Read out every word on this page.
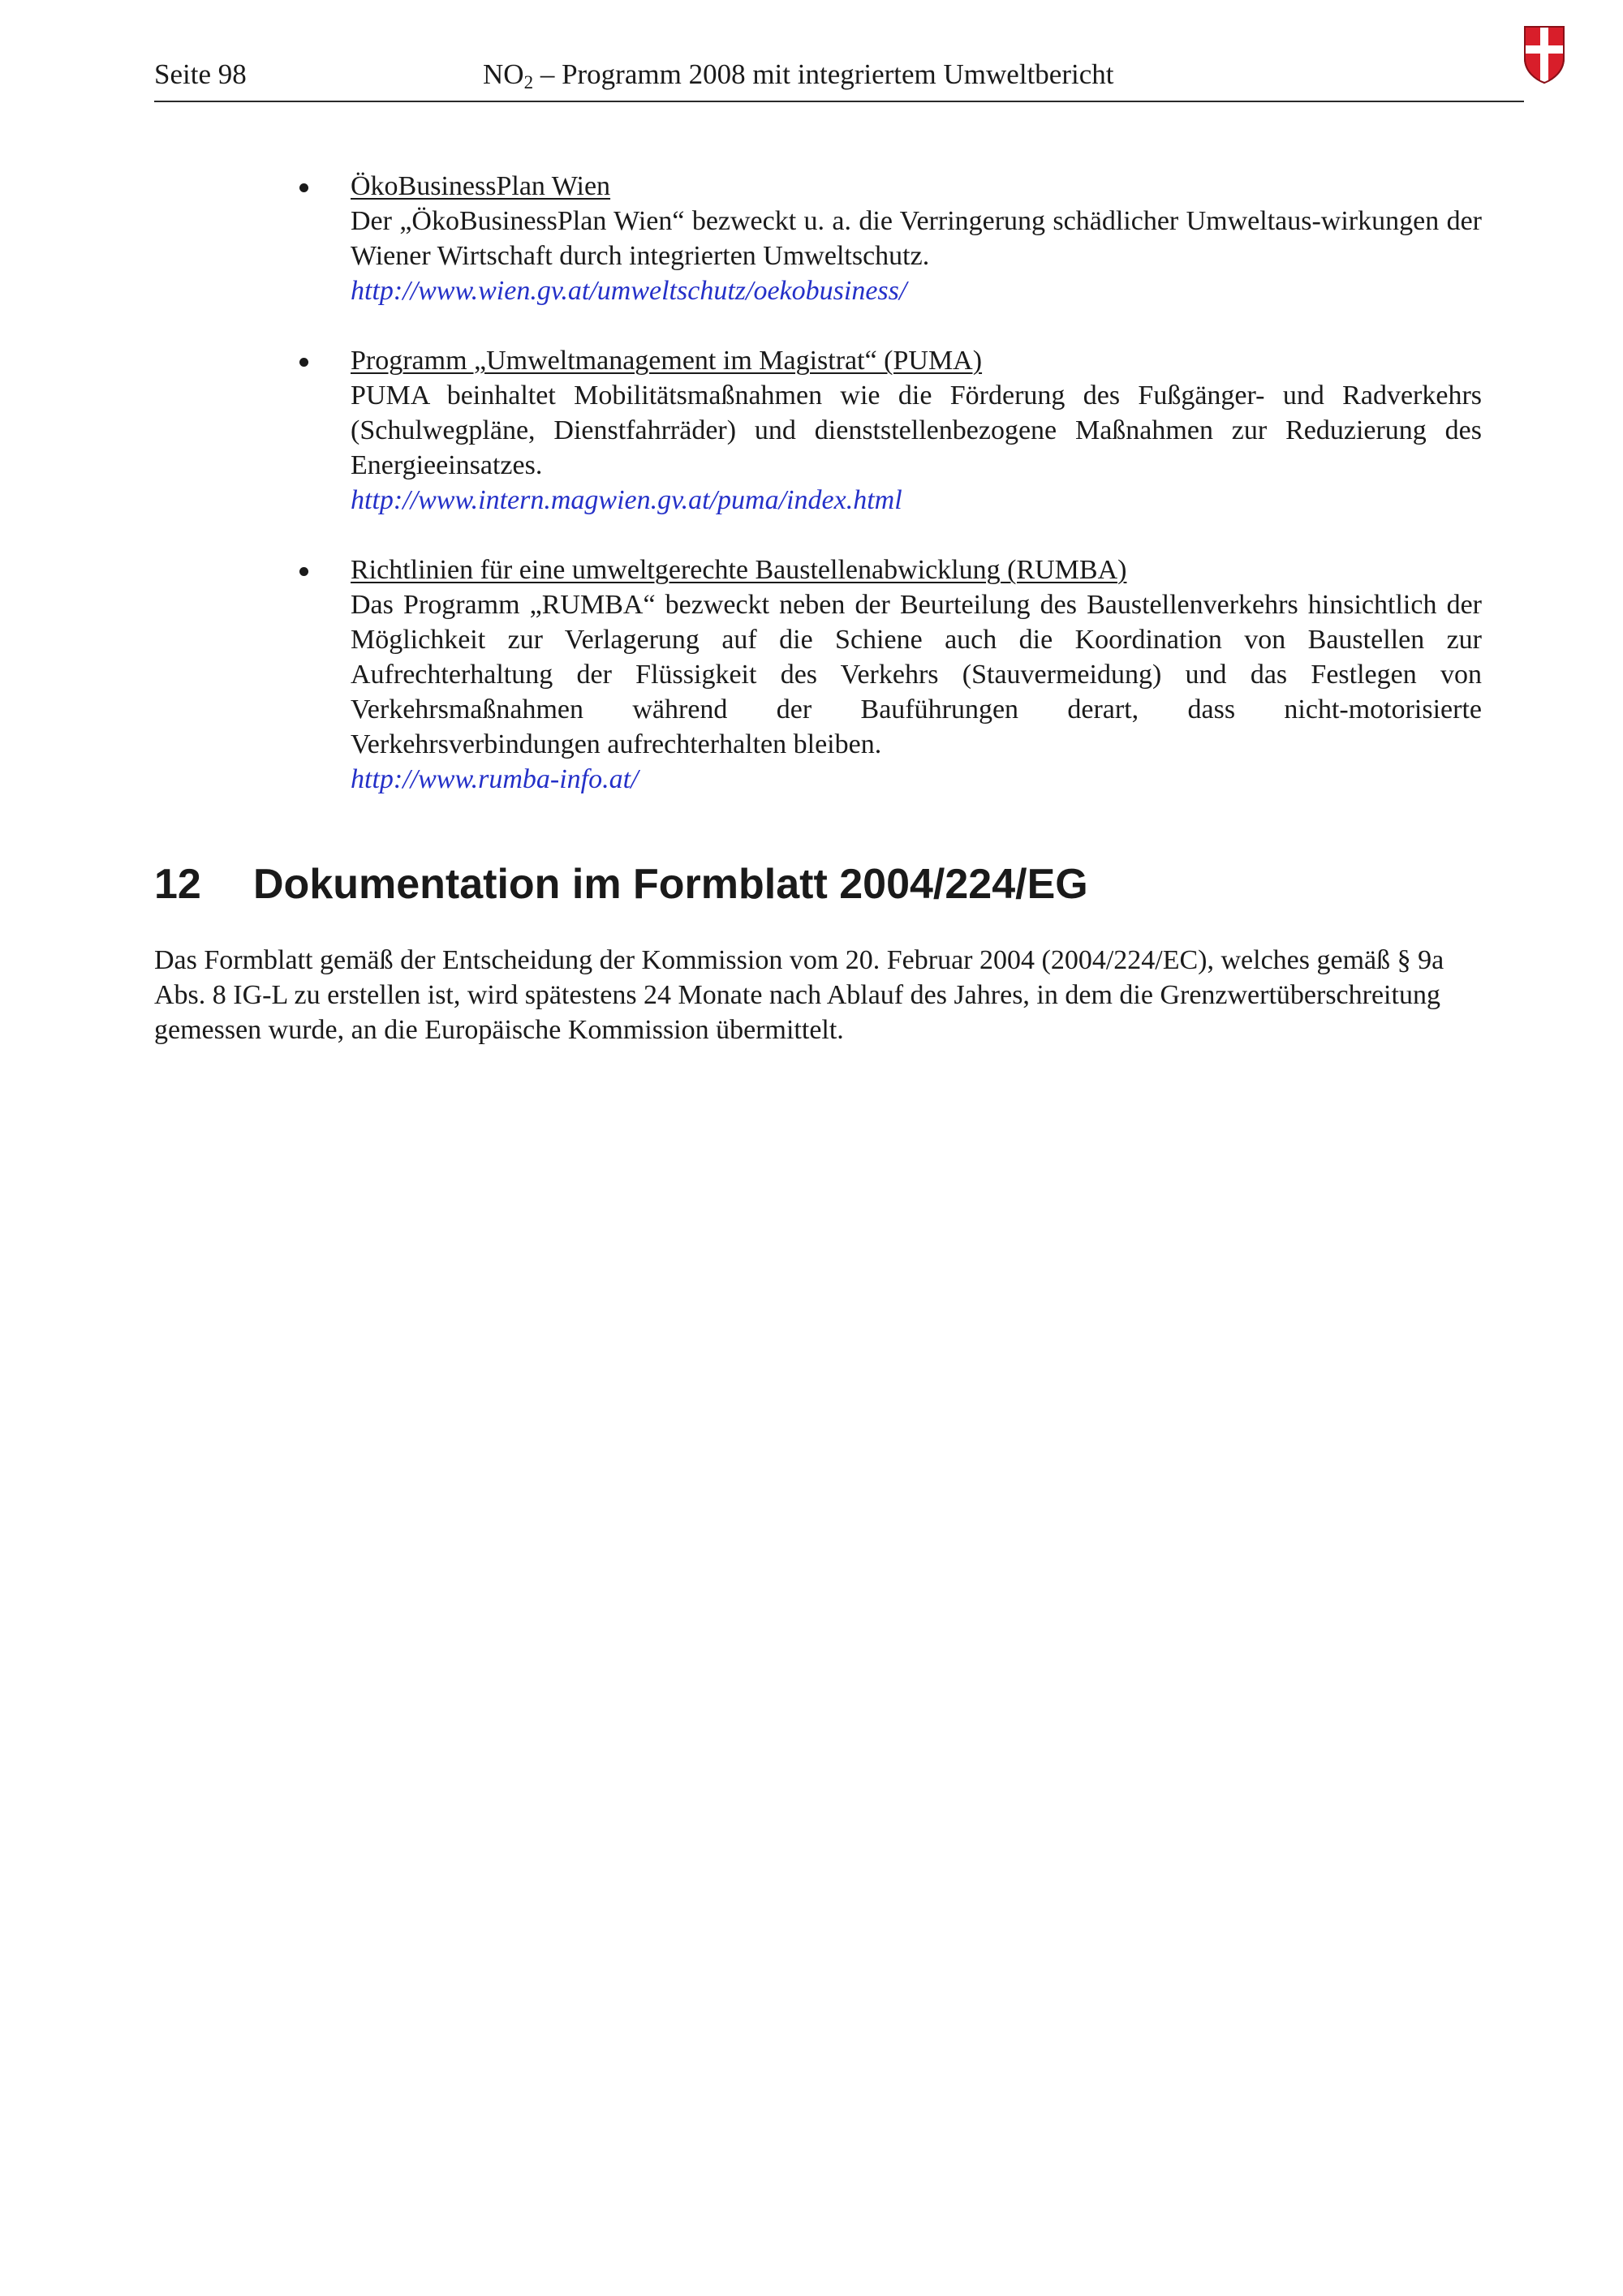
Seite 98	$NO_2$ – Programm 2008 mit integriertem Umweltbericht
ÖkoBusinessPlan Wien
Der „ÖkoBusinessPlan Wien“ bezweckt u. a. die Verringerung schädlicher Umweltaus-wirkungen der Wiener Wirtschaft durch integrierten Umweltschutz.
http://www.wien.gv.at/umweltschutz/oekobusiness/
Programm „Umweltmanagement im Magistrat“ (PUMA)
PUMA beinhaltet Mobilitätsmaßnahmen wie die Förderung des Fußgänger- und Radverkehrs (Schulwegpläne, Dienstfahrräder) und dienststellenbezogene Maßnahmen zur Reduzierung des Energieeinsatzes.
http://www.intern.magwien.gv.at/puma/index.html
Richtlinien für eine umweltgerechte Baustellenabwicklung (RUMBA)
Das Programm „RUMBA“ bezweckt neben der Beurteilung des Baustellenverkehrs hinsichtlich der Möglichkeit zur Verlagerung auf die Schiene auch die Koordination von Baustellen zur Aufrechterhaltung der Flüssigkeit des Verkehrs (Stauvermeidung) und das Festlegen von Verkehrsmaßnahmen während der Bauführungen derart, dass nicht-motorisierte Verkehrsverbindungen aufrechterhalten bleiben.
http://www.rumba-info.at/
12 Dokumentation im Formblatt 2004/224/EG

Das Formblatt gemäß der Entscheidung der Kommission vom 20. Februar 2004 (2004/224/EC), welches gemäß § 9a Abs. 8 IG-L zu erstellen ist, wird spätestens 24 Monate nach Ablauf des Jahres, in dem die Grenzwertüberschreitung gemessen wurde, an die Europäische Kommission übermittelt.
